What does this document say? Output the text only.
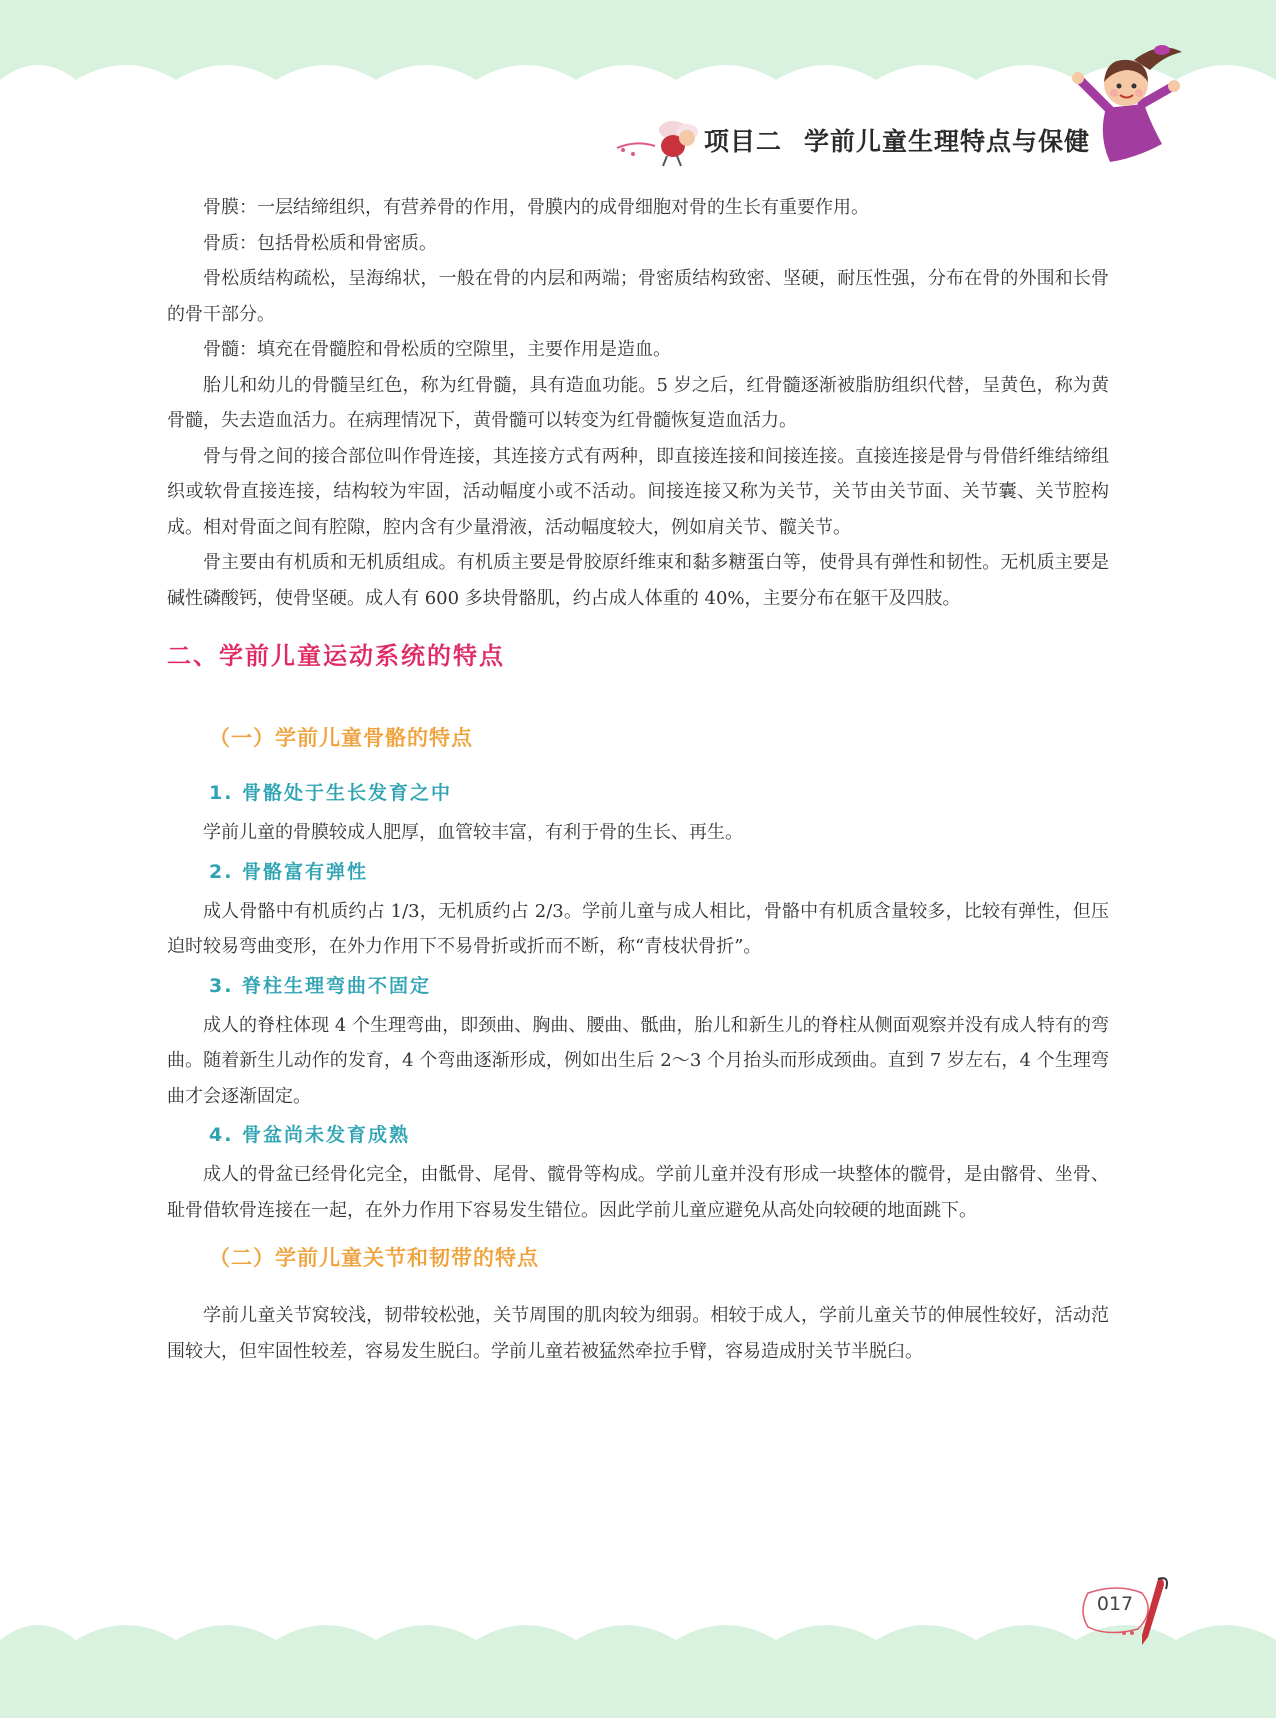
项目二 学前儿童生理特点与保健

骨膜：一层结缔组织，有营养骨的作用，骨膜内的成骨细胞对骨的生长有重要作用。

骨质：包括骨松质和骨密质。

骨松质结构疏松，呈海绵状，一般在骨的内层和两端；骨密质结构致密、坚硬，耐压性强，分布在骨的外围和长骨的骨干部分。

骨髓：填充在骨髓腔和骨松质的空隙里，主要作用是造血。

胎儿和幼儿的骨髓呈红色，称为红骨髓，具有造血功能。5 岁之后，红骨髓逐渐被脂肪组织代替，呈黄色，称为黄骨髓，失去造血活力。在病理情况下，黄骨髓可以转变为红骨髓恢复造血活力。

骨与骨之间的接合部位叫作骨连接，其连接方式有两种，即直接连接和间接连接。直接连接是骨与骨借纤维结缔组织或软骨直接连接，结构较为牢固，活动幅度小或不活动。间接连接又称为关节，关节由关节面、关节囊、关节腔构成。相对骨面之间有腔隙，腔内含有少量滑液，活动幅度较大，例如肩关节、髋关节。

骨主要由有机质和无机质组成。有机质主要是骨胶原纤维束和黏多糖蛋白等，使骨具有弹性和韧性。无机质主要是碱性磷酸钙，使骨坚硬。成人有 600 多块骨骼肌，约占成人体重的 40%，主要分布在躯干及四肢。

二、学前儿童运动系统的特点
（一）学前儿童骨骼的特点
1. 骨骼处于生长发育之中

学前儿童的骨膜较成人肥厚，血管较丰富，有利于骨的生长、再生。

2. 骨骼富有弹性

成人骨骼中有机质约占 1/3，无机质约占 2/3。学前儿童与成人相比，骨骼中有机质含量较多，比较有弹性，但压迫时较易弯曲变形，在外力作用下不易骨折或折而不断，称“青枝状骨折”。

3. 脊柱生理弯曲不固定

成人的脊柱体现 4 个生理弯曲，即颈曲、胸曲、腰曲、骶曲，胎儿和新生儿的脊柱从侧面观察并没有成人特有的弯曲。随着新生儿动作的发育，4 个弯曲逐渐形成，例如出生后 2～3 个月抬头而形成颈曲。直到 7 岁左右，4 个生理弯曲才会逐渐固定。

4. 骨盆尚未发育成熟

成人的骨盆已经骨化完全，由骶骨、尾骨、髋骨等构成。学前儿童并没有形成一块整体的髋骨，是由髂骨、坐骨、耻骨借软骨连接在一起，在外力作用下容易发生错位。因此学前儿童应避免从高处向较硬的地面跳下。

（二）学前儿童关节和韧带的特点

学前儿童关节窝较浅，韧带较松弛，关节周围的肌肉较为细弱。相较于成人，学前儿童关节的伸展性较好，活动范围较大，但牢固性较差，容易发生脱臼。学前儿童若被猛然牵拉手臂，容易造成肘关节半脱臼。

017
